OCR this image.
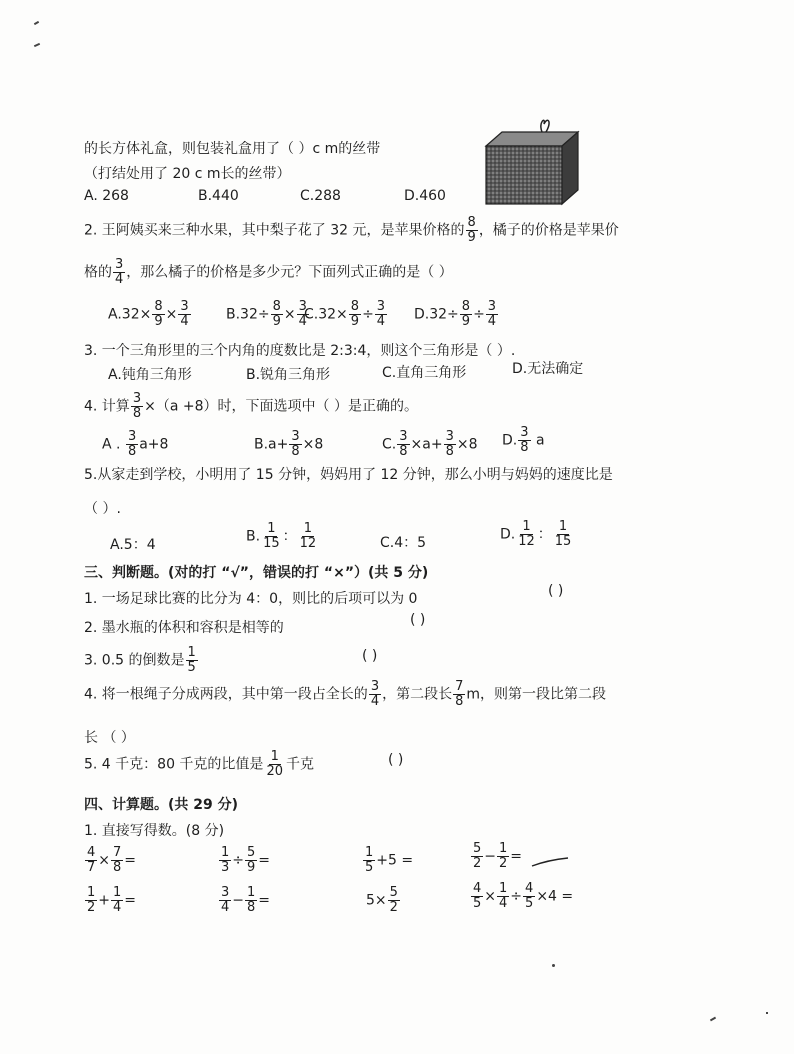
的长方体礼盒，则包装礼盒用了（ ）c m的丝带
（打结处用了 20 c m长的丝带）
A. 268	B.440	C.288	D.460
2. 王阿姨买来三种水果，其中梨子花了 32 元，是苹果价格的 $\frac{8}{9}$ ，橘子的价格是苹果价
格的 $\frac{3}{4}$ ，那么橘子的价格是多少元？下面列式正确的是（ ）
$A.32\times \frac{8}{9} \times \frac{3}{4}$	$B.32\div \frac{8}{9} \times \frac{3}{4}$
$C.32\times \frac{8}{9} \div \frac{3}{4} D.32\div \frac{8}{9} \div \frac{3}{4}$
3. 一个三角形里的三个内角的度数比是 2:3:4，则这个三角形是（ ）.
A.钝角三角形	B.锐角三角形	C.直角三角形	D.无法确定
4. 计算 $\frac{3}{8} \times(a +8)$时，下面选项中（ ）是正确的。
A . $\frac{3}{8} a+8$	$B.a+ \frac{3}{8} \times 8$	C. $\frac{3}{8} \times a+ \frac{3}{8} \times 8$ D. $\frac{3}{8}$ a
5.从家走到学校，小明用了 15 分钟，妈妈用了 12 分钟，那么小明与妈妈的速度比是
（ ）.
A.5：4
B. $\frac{1}{15}$ ： $\frac{1}{12}$	C.4：5
D. $\frac{1}{12}$ ： $\frac{1}{15}$
三、判断题。(对的打 “√”，错误的打 “×”）(共 5 分)
1. 一场足球比赛的比分为 4：0，则比的后项可以为 0	( )
2. 墨水瓶的体积和容积是相等的	( )
3. 0.5 的倒数是 $\frac{1}{5}$	( )
4. 将一根绳子分成两段，其中第一段占全长的 $\frac{3}{4}$ ，第二段长 $\frac{7}{8}$ m，则第一段比第二段
长 （ ）
5. 4 千克：80 千克的比值是 $\frac{1}{20}$ 千克	( )
四、计算题。(共 29 分)
1. 直接写得数。(8 分)
$\frac{4}{7} \times \frac{7}{8}$ =	$\frac{1}{3} \div \frac{5}{9}$ =	$\frac{1}{5} +5$ =	$\frac{5}{2} - \frac{1}{2}$ =
$\frac{1}{2} + \frac{1}{4}$ =	$\frac{3}{4} - \frac{1}{8}$ =	$5\times \frac{5}{2}$	$\frac{4}{5} \times \frac{1}{4} \div \frac{4}{5} \times 4$ =
